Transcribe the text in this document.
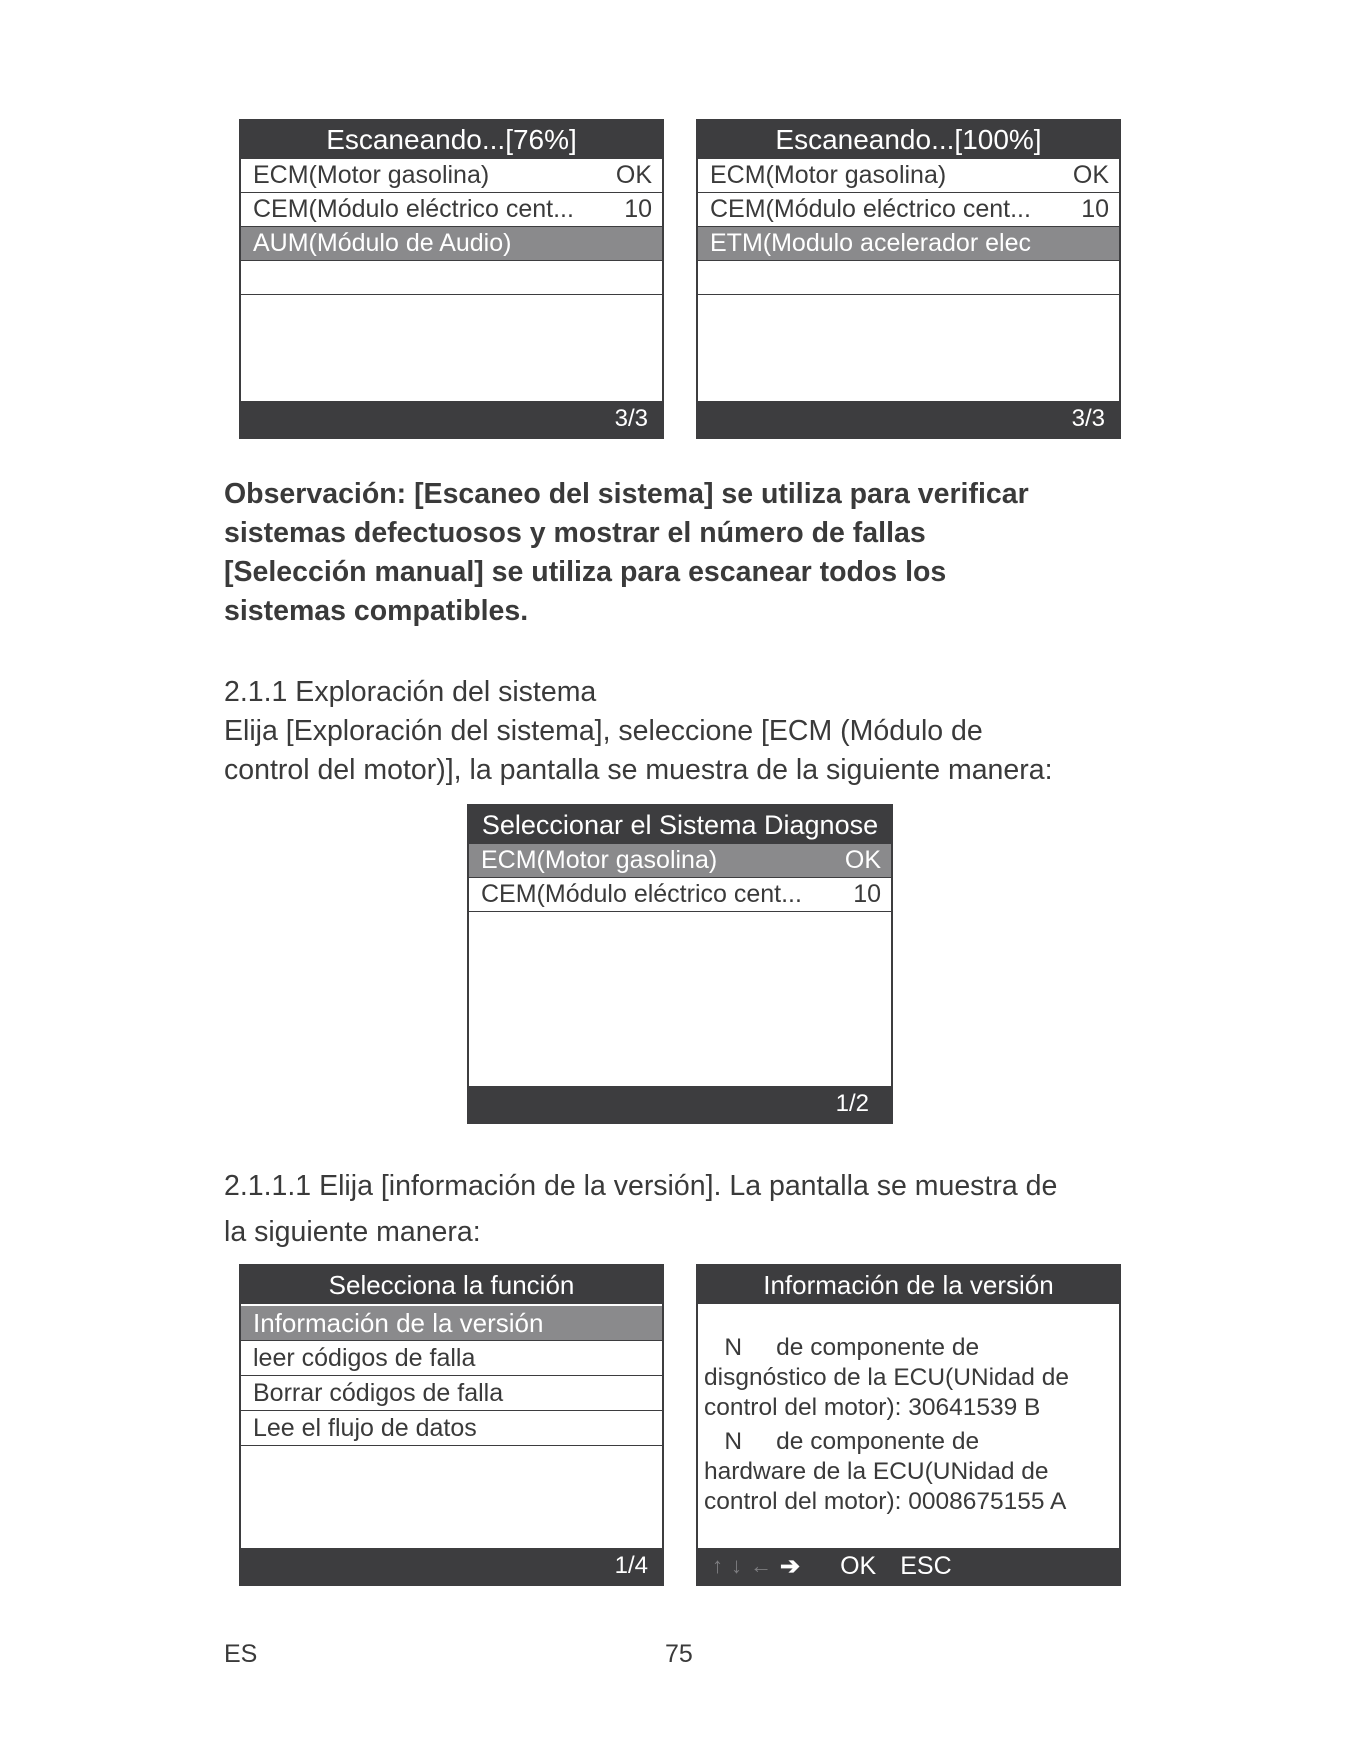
Escaneando...[76%]
ECM(Motor gasolina)	OK
CEM(Módulo eléctrico cent... 10
AUM(Módulo de Audio)
3/3
Escaneando...[100%]
ECM(Motor gasolina)	OK
CEM(Módulo eléctrico cent... 10
ETM(Modulo acelerador elec
3/3
Observación: [Escaneo del sistema] se utiliza para verificar
sistemas defectuosos y mostrar el número de fallas
[Selección manual] se utiliza para escanear todos los
sistemas compatibles.
2.1.1 Exploración del sistema
Elija [Exploración del sistema], seleccione [ECM (Módulo de
control del motor)], la pantalla se muestra de la siguiente manera:
Seleccionar el Sistema Diagnose
ECM(Motor gasolina)	OK
CEM(Módulo eléctrico cent... 10
1/2
2.1.1.1 Elija [información de la versión]. La pantalla se muestra de
la siguiente manera:
Selecciona la función
Información de la versión
leer códigos de falla
Borrar códigos de falla
Lee el flujo de datos
1/4
Información de la versión
N     de componente de
disgnóstico de la ECU(UNidad de
control del motor): 30641539 B
N     de componente de
hardware de la ECU(UNidad de
control del motor): 0008675155 A
↑ ↓ ← ➔ OK ESC
ES	75
